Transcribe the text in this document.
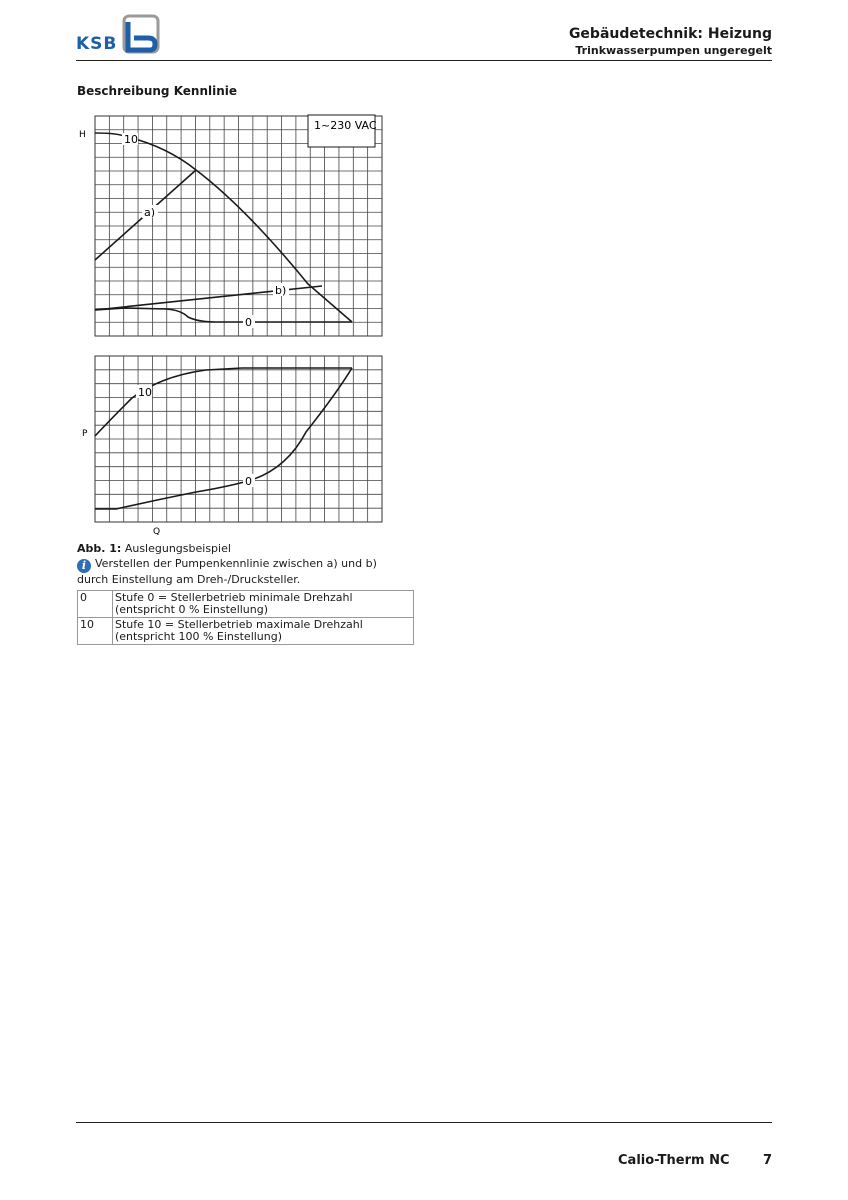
KSB	Gebäudetechnik: Heizung
Trinkwasserpumpen ungeregelt
Beschreibung Kennlinie
1~230 VAC
H	10
a)
b)
0
P
10
0
Q
Abb. 1: Auslegungsbeispiel
i Verstellen der Pumpenkennlinie zwischen a) und b) durch Einstellung am Dreh-/Drucksteller.
0	Stufe 0 = Stellerbetrieb minimale Drehzahl (entspricht 0 % Einstellung)
10	Stufe 10 = Stellerbetrieb maximale Drehzahl (entspricht 100 % Einstellung)
Calio-Therm NC	7
